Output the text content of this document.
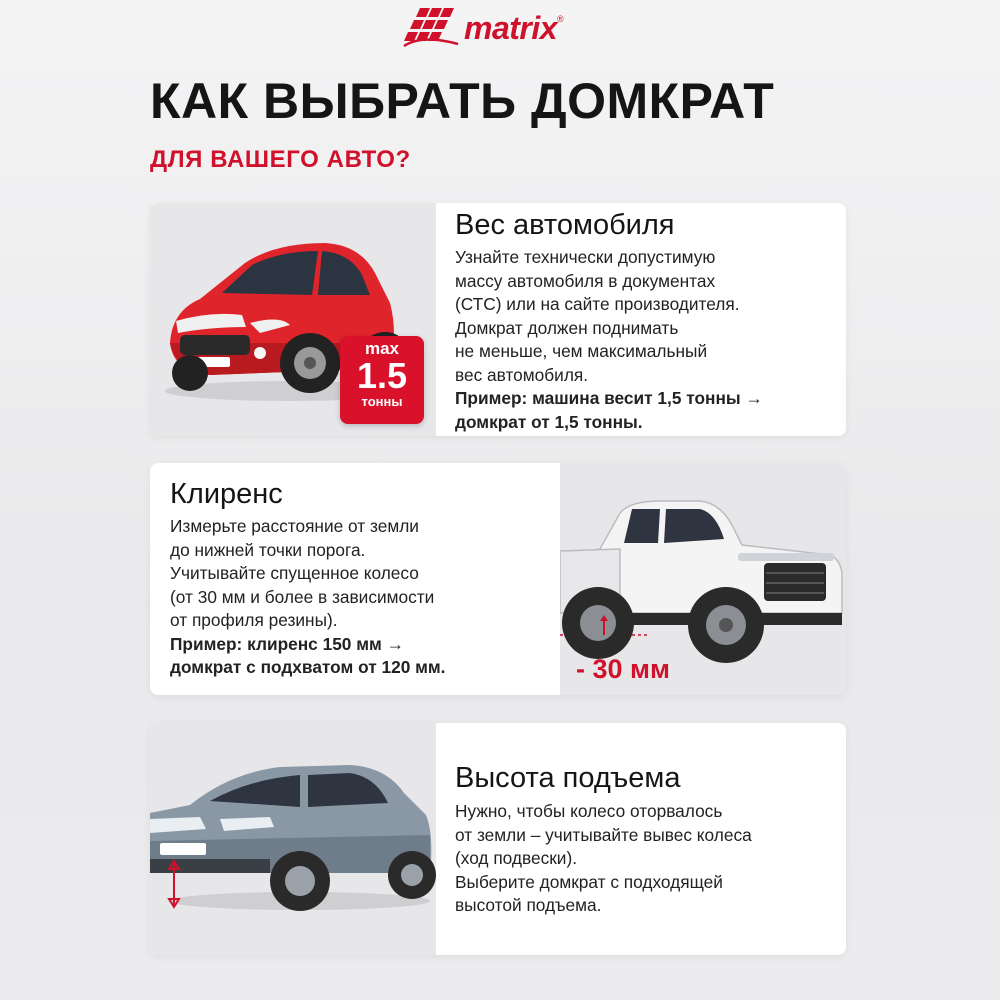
matrix ®
КАК ВЫБРАТЬ ДОМКРАТ
ДЛЯ ВАШЕГО АВТО?
Вес автомобиля
Узнайте технически допустимую
массу автомобиля в документах
(СТС) или на сайте производителя.
Домкрат должен поднимать
не меньше, чем максимальный
вес автомобиля.
Пример: машина весит 1,5 тонны →
домкрат от 1,5 тонны.
max
1.5
тонны
Клиренс
Измерьте расстояние от земли
до нижней точки порога.
Учитывайте спущенное колесо
(от 30 мм и более в зависимости
от профиля резины).
Пример: клиренс 150 мм →
домкрат с подхватом от 120 мм.	- 30 мм
Высота подъема
Нужно, чтобы колесо оторвалось
от земли – учитывайте вывес колеса
(ход подвески).
Выберите домкрат с подходящей
высотой подъема.
